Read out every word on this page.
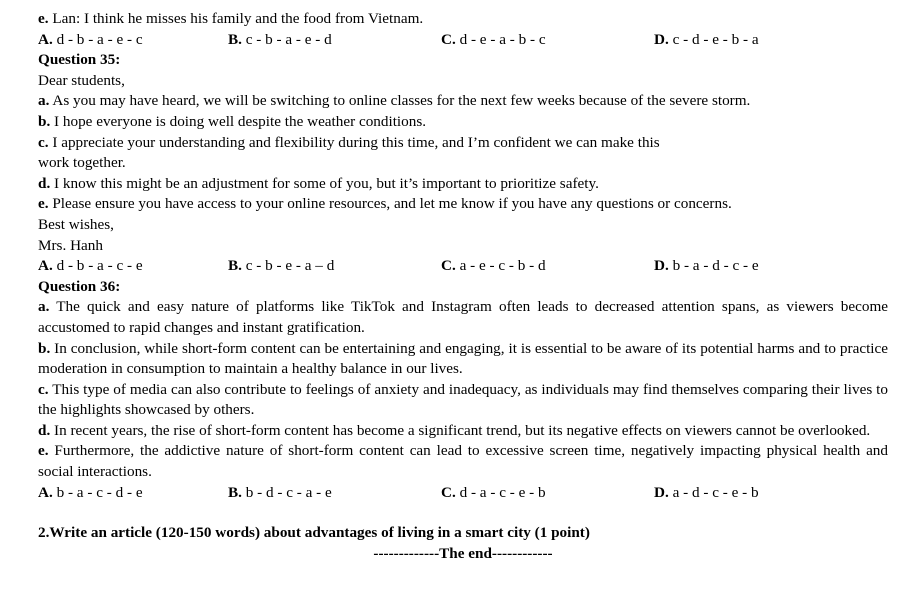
e. Lan: I think he misses his family and the food from Vietnam.
A. d - b - a - e - c	B. c - b - a - e - d	C. d - e - a - b - c	D. c - d - e - b - a
Question 35:
Dear students,
a. As you may have heard, we will be switching to online classes for the next few weeks because of the severe storm.
b. I hope everyone is doing well despite the weather conditions.
c. I appreciate your understanding and flexibility during this time, and I’m confident we can make this
work together.
d. I know this might be an adjustment for some of you, but it’s important to prioritize safety.
e. Please ensure you have access to your online resources, and let me know if you have any questions or concerns.
Best wishes,
Mrs. Hanh
A. d - b - a - c - e	B. c - b - e - a – d	C. a - e - c - b - d	D. b - a - d - c - e
Question 36:
a. The quick and easy nature of platforms like TikTok and Instagram often leads to decreased attention spans, as viewers become accustomed to rapid changes and instant gratification.
b. In conclusion, while short-form content can be entertaining and engaging, it is essential to be aware of its potential harms and to practice moderation in consumption to maintain a healthy balance in our lives.
c. This type of media can also contribute to feelings of anxiety and inadequacy, as individuals may find themselves comparing their lives to the highlights showcased by others.
d. In recent years, the rise of short-form content has become a significant trend, but its negative effects on viewers cannot be overlooked.
e. Furthermore, the addictive nature of short-form content can lead to excessive screen time, negatively impacting physical health and social interactions.
A. b - a - c - d - e	B. b - d - c - a - e	C. d - a - c - e - b	D. a - d - c - e - b
2.Write an article (120-150 words) about advantages of living in a smart city (1 point)
-------------The end------------
